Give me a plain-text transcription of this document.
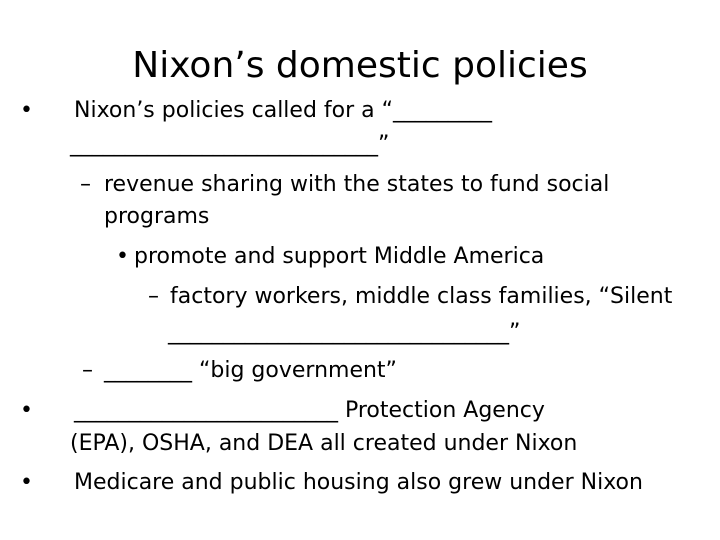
Nixon’s domestic policies
• Nixon’s policies called for a “_________
____________________________”
– revenue sharing with the states to fund social
programs
• promote and support Middle America
– factory workers, middle class families, “Silent
_______________________________”
– ________ “big government”
• ________________________ Protection Agency
(EPA), OSHA, and DEA all created under Nixon
• Medicare and public housing also grew under Nixon
